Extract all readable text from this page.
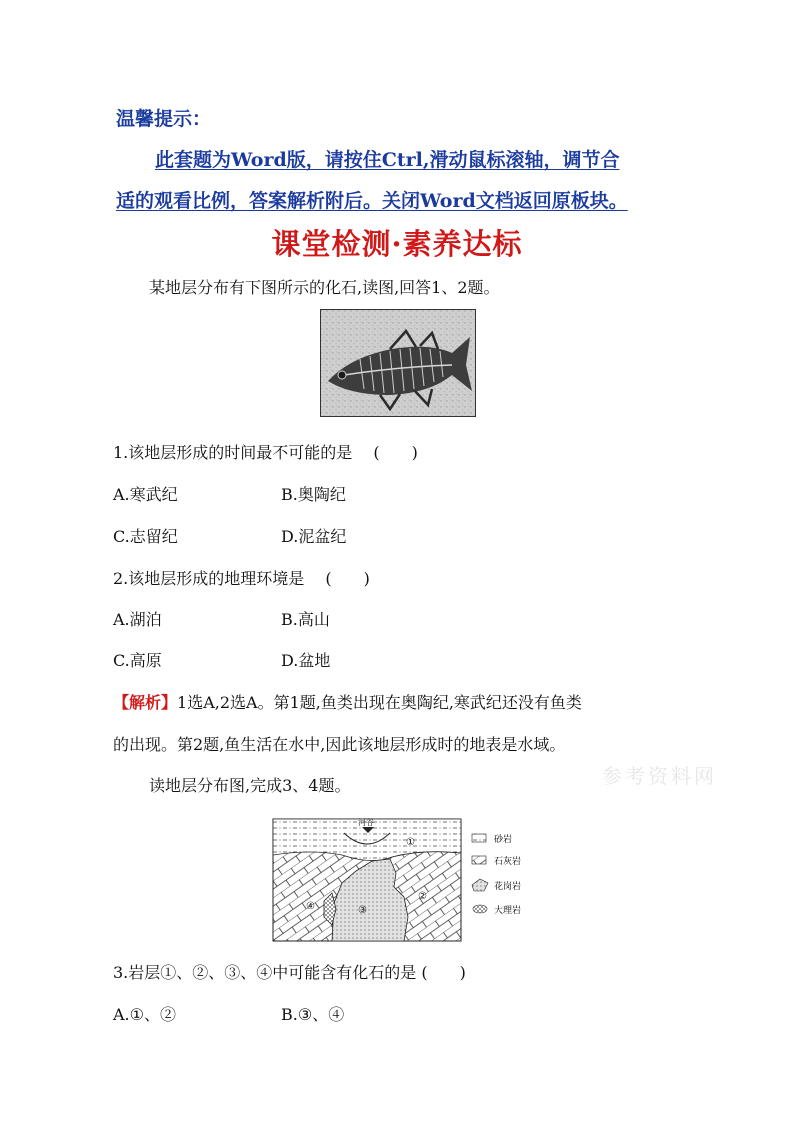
温馨提示：
此套题为Word版，请按住Ctrl,滑动鼠标滚轴，调节合
适的观看比例，答案解析附后。关闭Word文档返回原板块。
课堂检测·素养达标
某地层分布有下图所示的化石,读图,回答1、2题。
1.该地层形成的时间最不可能的是　 (　　)
A.寒武纪	B.奥陶纪
C.志留纪	D.泥盆纪
2.该地层形成的地理环境是　 (　　)
A.湖泊	B.高山
C.高原	D.盆地
【解析】1选A,2选A。第1题,鱼类出现在奥陶纪,寒武纪还没有鱼类
的出现。第2题,鱼生活在水中,因此该地层形成时的地表是水域。
参考资料网
读地层分布图,完成3、4题。
河谷
①
②
③
④
砂岩
石灰岩
花岗岩
大理岩
3.岩层①、②、③、④中可能含有化石的是 (　　)
A.①、②	B.③、④
